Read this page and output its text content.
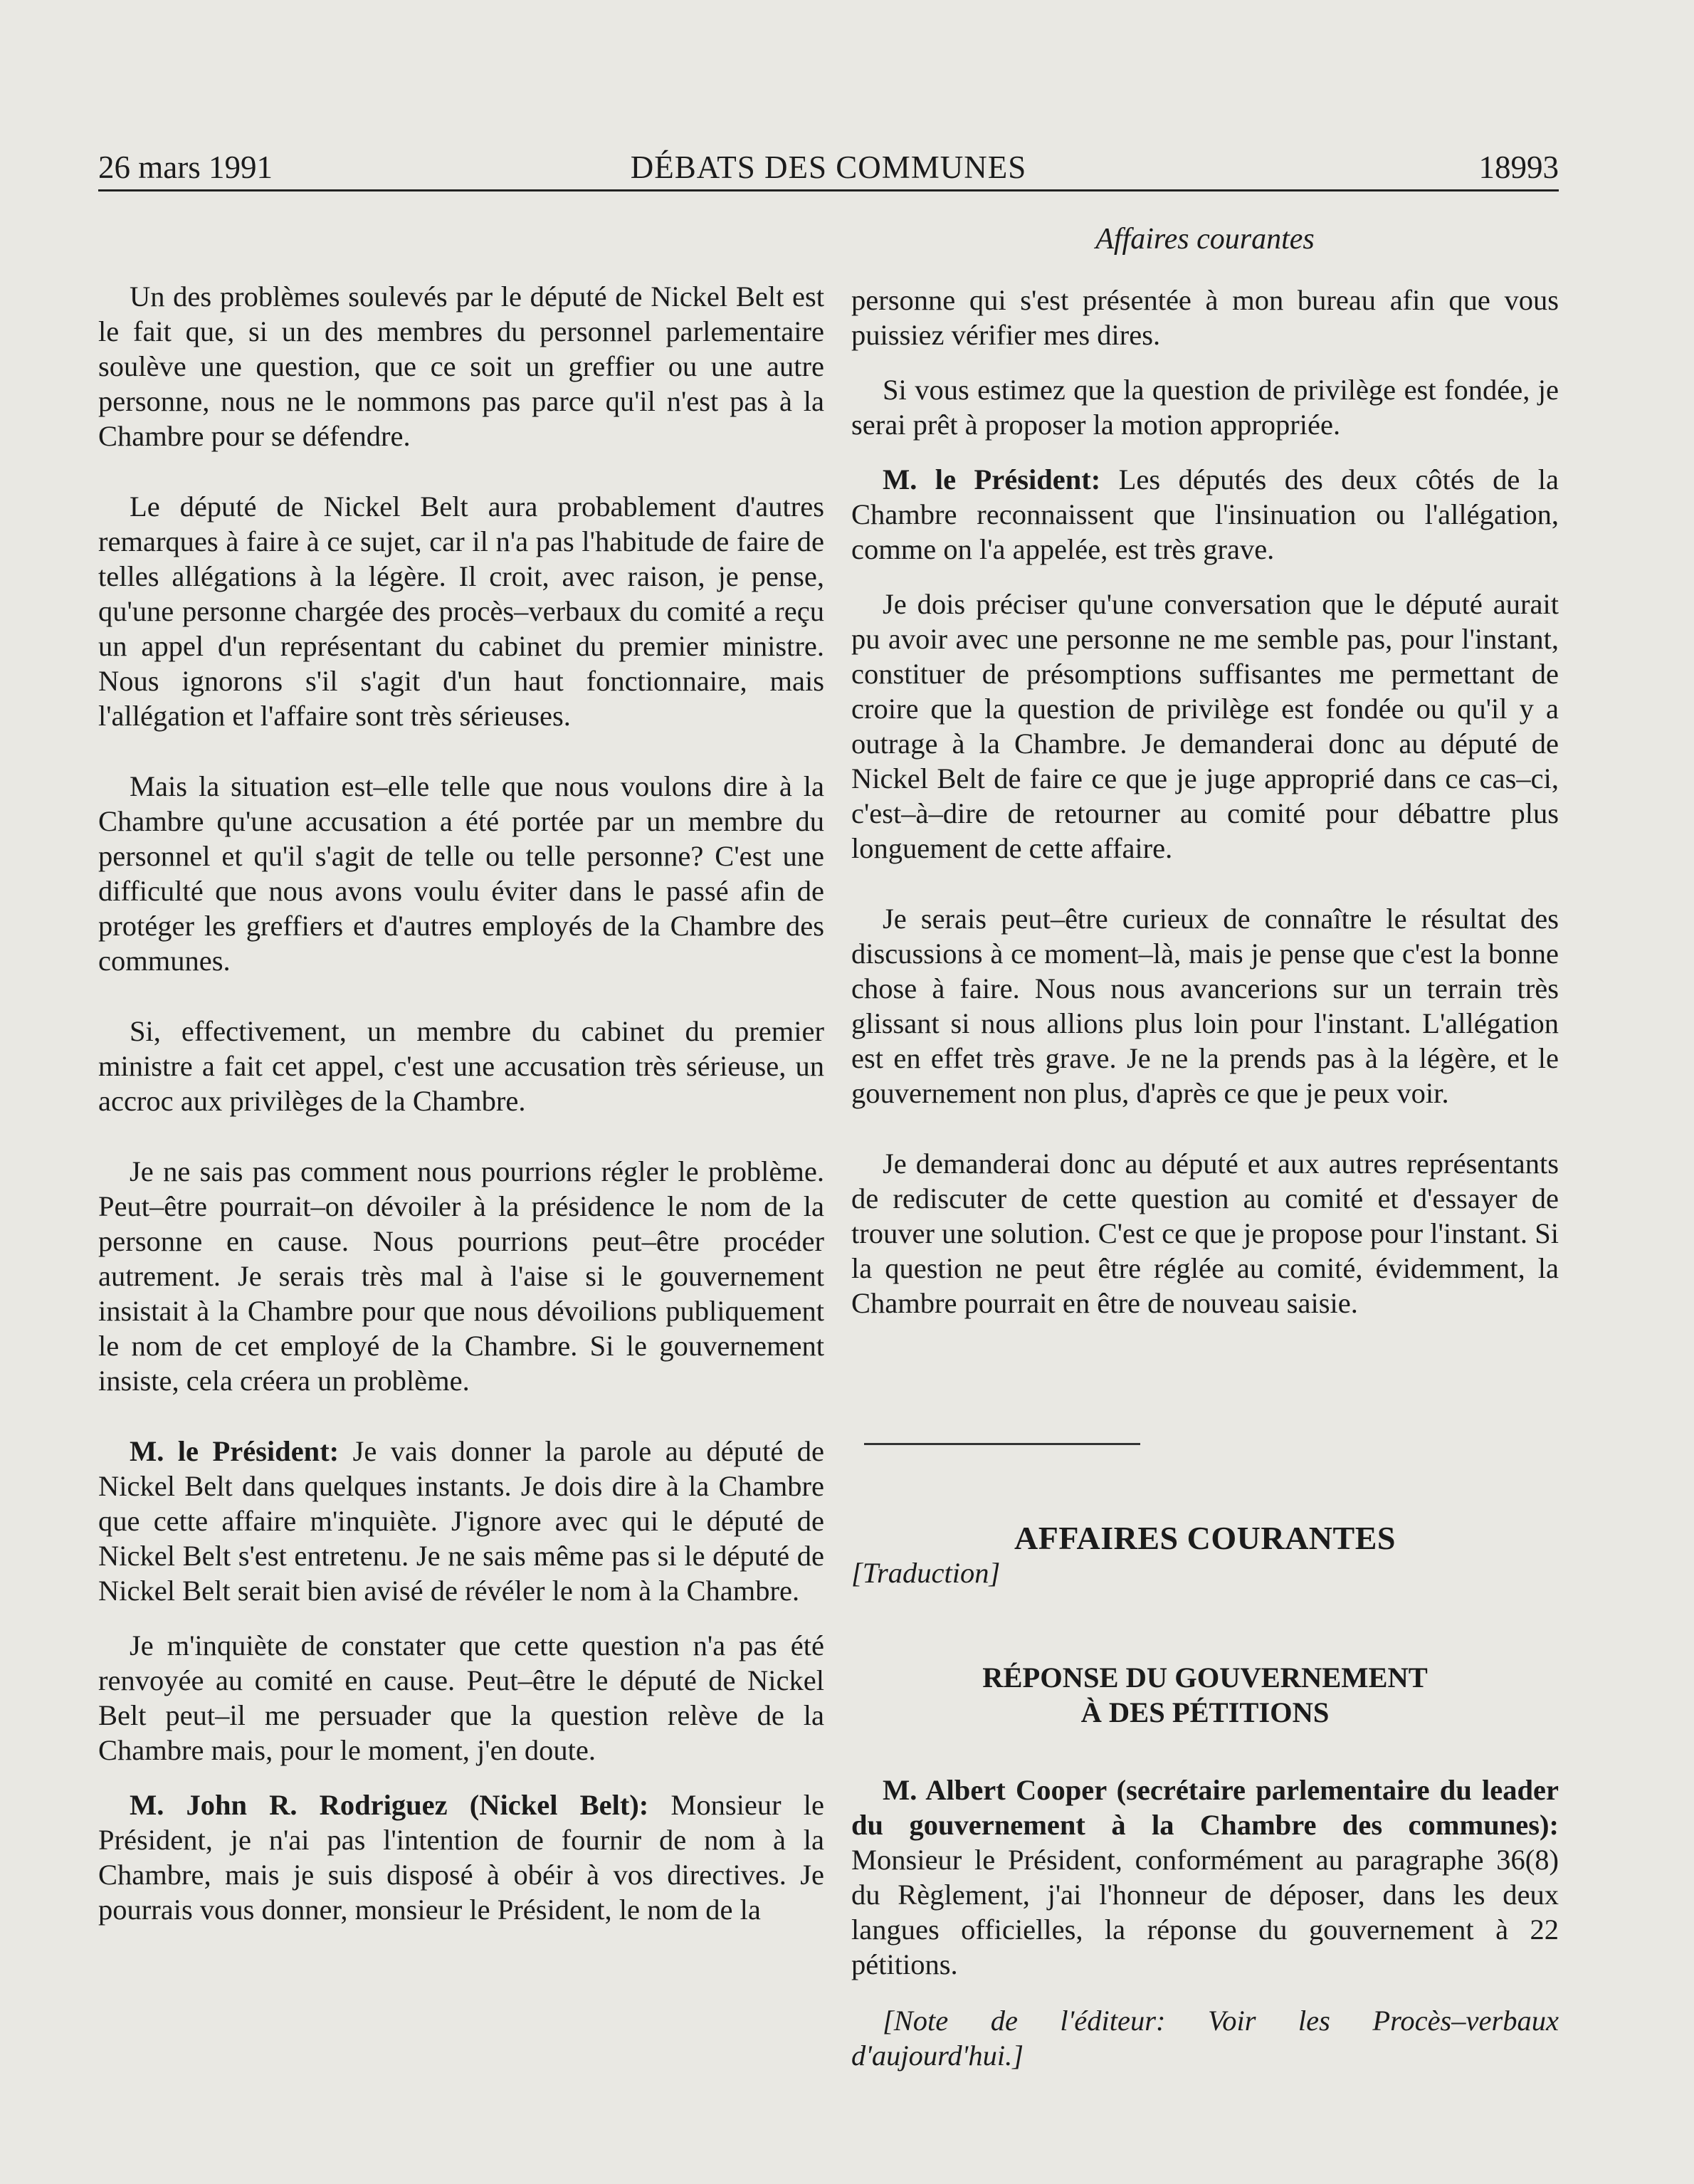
26 mars 1991	DÉBATS DES COMMUNES	18993
Affaires courantes

Un des problèmes soulevés par le député de Nickel Belt est le fait que, si un des membres du personnel parlementaire soulève une question, que ce soit un greffier ou une autre personne, nous ne le nommons pas parce qu'il n'est pas à la Chambre pour se défendre.

Le député de Nickel Belt aura probablement d'autres remarques à faire à ce sujet, car il n'a pas l'habitude de faire de telles allégations à la légère. Il croit, avec raison, je pense, qu'une personne chargée des procès–verbaux du comité a reçu un appel d'un représentant du cabinet du premier ministre. Nous ignorons s'il s'agit d'un haut fonctionnaire, mais l'allégation et l'affaire sont très sérieuses.

Mais la situation est–elle telle que nous voulons dire à la Chambre qu'une accusation a été portée par un membre du personnel et qu'il s'agit de telle ou telle personne? C'est une difficulté que nous avons voulu éviter dans le passé afin de protéger les greffiers et d'autres employés de la Chambre des communes.

Si, effectivement, un membre du cabinet du premier ministre a fait cet appel, c'est une accusation très sérieuse, un accroc aux privilèges de la Chambre.

Je ne sais pas comment nous pourrions régler le problème. Peut–être pourrait–on dévoiler à la présidence le nom de la personne en cause. Nous pourrions peut–être procéder autrement. Je serais très mal à l'aise si le gouvernement insistait à la Chambre pour que nous dévoilions publiquement le nom de cet employé de la Chambre. Si le gouvernement insiste, cela créera un problème.

M. le Président: Je vais donner la parole au député de Nickel Belt dans quelques instants. Je dois dire à la Chambre que cette affaire m'inquiète. J'ignore avec qui le député de Nickel Belt s'est entretenu. Je ne sais même pas si le député de Nickel Belt serait bien avisé de révéler le nom à la Chambre.

Je m'inquiète de constater que cette question n'a pas été renvoyée au comité en cause. Peut–être le député de Nickel Belt peut–il me persuader que la question relève de la Chambre mais, pour le moment, j'en doute.

M. John R. Rodriguez (Nickel Belt): Monsieur le Président, je n'ai pas l'intention de fournir de nom à la Chambre, mais je suis disposé à obéir à vos directives. Je pourrais vous donner, monsieur le Président, le nom de la

personne qui s'est présentée à mon bureau afin que vous puissiez vérifier mes dires.

Si vous estimez que la question de privilège est fondée, je serai prêt à proposer la motion appropriée.

M. le Président: Les députés des deux côtés de la Chambre reconnaissent que l'insinuation ou l'allégation, comme on l'a appelée, est très grave.

Je dois préciser qu'une conversation que le député aurait pu avoir avec une personne ne me semble pas, pour l'instant, constituer de présomptions suffisantes me permettant de croire que la question de privilège est fondée ou qu'il y a outrage à la Chambre. Je demanderai donc au député de Nickel Belt de faire ce que je juge approprié dans ce cas–ci, c'est–à–dire de retourner au comité pour débattre plus longuement de cette affaire.

Je serais peut–être curieux de connaître le résultat des discussions à ce moment–là, mais je pense que c'est la bonne chose à faire. Nous nous avancerions sur un terrain très glissant si nous allions plus loin pour l'instant. L'allégation est en effet très grave. Je ne la prends pas à la légère, et le gouvernement non plus, d'après ce que je peux voir.

Je demanderai donc au député et aux autres représentants de rediscuter de cette question au comité et d'essayer de trouver une solution. C'est ce que je propose pour l'instant. Si la question ne peut être réglée au comité, évidemment, la Chambre pourrait en être de nouveau saisie.

AFFAIRES COURANTES

[Traduction]

RÉPONSE DU GOUVERNEMENT
À DES PÉTITIONS

M. Albert Cooper (secrétaire parlementaire du leader du gouvernement à la Chambre des communes): Monsieur le Président, conformément au paragraphe 36(8) du Règlement, j'ai l'honneur de déposer, dans les deux langues officielles, la réponse du gouvernement à 22 pétitions.

[Note de l'éditeur: Voir les Procès–verbaux d'aujourd'hui.]
